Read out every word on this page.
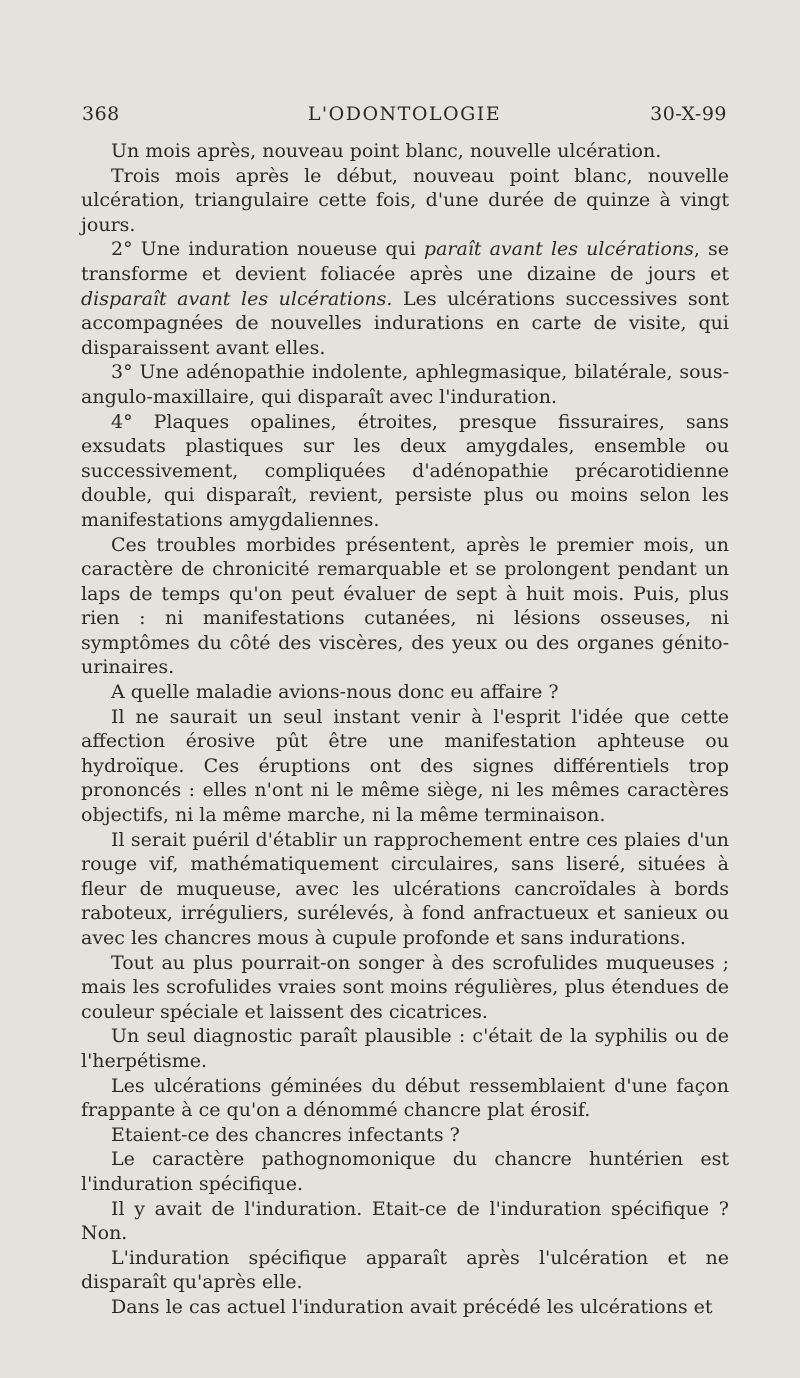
368	L'ODONTOLOGIE	30-X-99

Un mois après, nouveau point blanc, nouvelle ulcération.

Trois mois après le début, nouveau point blanc, nouvelle ulcération, triangulaire cette fois, d'une durée de quinze à vingt jours.

2° Une induration noueuse qui paraît avant les ulcérations, se transforme et devient foliacée après une dizaine de jours et disparaît avant les ulcérations. Les ulcérations successives sont accompagnées de nouvelles indurations en carte de visite, qui disparaissent avant elles.

3° Une adénopathie indolente, aphlegmasique, bilatérale, sous-angulo-maxillaire, qui disparaît avec l'induration.

4° Plaques opalines, étroites, presque fissuraires, sans exsudats plastiques sur les deux amygdales, ensemble ou successivement, compliquées d'adénopathie précarotidienne double, qui disparaît, revient, persiste plus ou moins selon les manifestations amygdaliennes.

Ces troubles morbides présentent, après le premier mois, un caractère de chronicité remarquable et se prolongent pendant un laps de temps qu'on peut évaluer de sept à huit mois. Puis, plus rien : ni manifestations cutanées, ni lésions osseuses, ni symptômes du côté des viscères, des yeux ou des organes génito-urinaires.

A quelle maladie avions-nous donc eu affaire ?

Il ne saurait un seul instant venir à l'esprit l'idée que cette affection érosive pût être une manifestation aphteuse ou hydroïque. Ces éruptions ont des signes différentiels trop prononcés : elles n'ont ni le même siège, ni les mêmes caractères objectifs, ni la même marche, ni la même terminaison.

Il serait puéril d'établir un rapprochement entre ces plaies d'un rouge vif, mathématiquement circulaires, sans liseré, situées à fleur de muqueuse, avec les ulcérations cancroïdales à bords raboteux, irréguliers, surélevés, à fond anfractueux et sanieux ou avec les chancres mous à cupule profonde et sans indurations.

Tout au plus pourrait-on songer à des scrofulides muqueuses ; mais les scrofulides vraies sont moins régulières, plus étendues de couleur spéciale et laissent des cicatrices.

Un seul diagnostic paraît plausible : c'était de la syphilis ou de l'herpétisme.

Les ulcérations géminées du début ressemblaient d'une façon frappante à ce qu'on a dénommé chancre plat érosif.

Etaient-ce des chancres infectants ?

Le caractère pathognomonique du chancre huntérien est l'induration spécifique.

Il y avait de l'induration. Etait-ce de l'induration spécifique ? Non.

L'induration spécifique apparaît après l'ulcération et ne disparaît qu'après elle.

Dans le cas actuel l'induration avait précédé les ulcérations et
